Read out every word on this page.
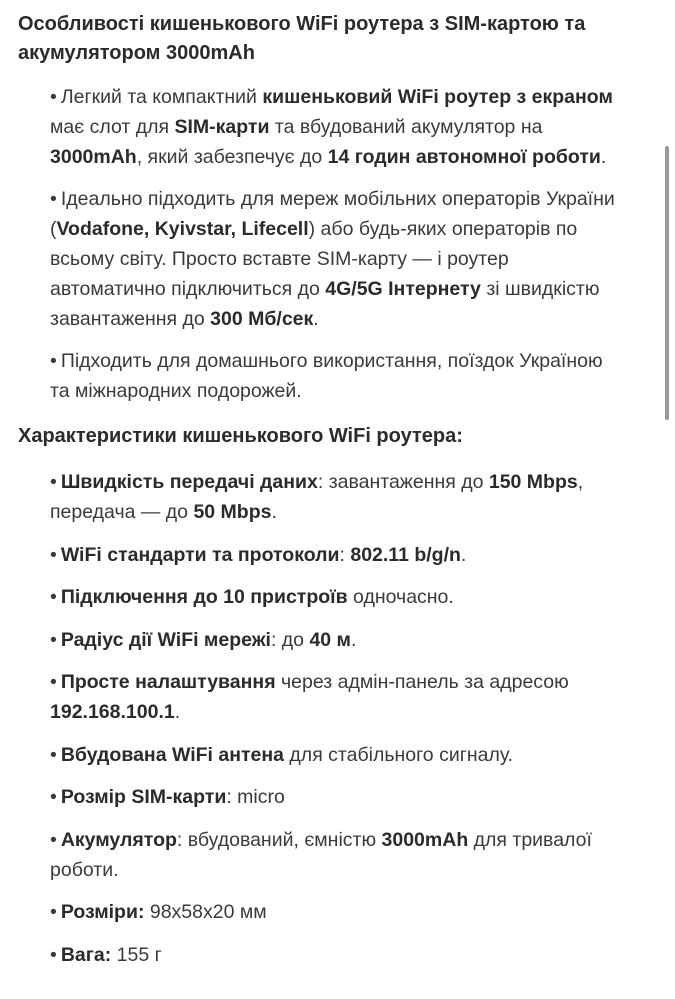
Особливості кишенькового WiFi роутера з SIM-картою та акумулятором 3000mAh
• Легкий та компактний кишеньковий WiFi роутер з екраном має слот для SIM-карти та вбудований акумулятор на 3000mAh, який забезпечує до 14 годин автономної роботи.
• Ідеально підходить для мереж мобільних операторів України (Vodafone, Kyivstar, Lifecell) або будь-яких операторів по всьому світу. Просто вставте SIM-карту — і роутер автоматично підключиться до 4G/5G Інтернету зі швидкістю завантаження до 300 Мб/сек.
• Підходить для домашнього використання, поїздок Україною та міжнародних подорожей.
Характеристики кишенькового WiFi роутера:
• Швидкість передачі даних: завантаження до 150 Mbps, передача — до 50 Mbps.
• WiFi стандарти та протоколи: 802.11 b/g/n.
• Підключення до 10 пристроїв одночасно.
• Радіус дії WiFi мережі: до 40 м.
• Просте налаштування через адмін-панель за адресою 192.168.100.1.
• Вбудована WiFi антена для стабільного сигналу.
• Розмір SIM-карти: micro
• Акумулятор: вбудований, ємністю 3000mAh для тривалої роботи.
• Розміри: 98x58x20 мм
• Вага: 155 г
